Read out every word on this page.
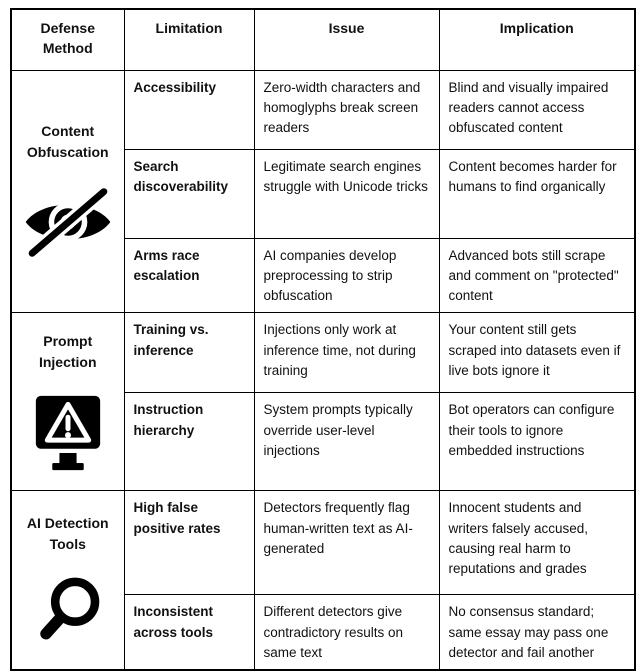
Defense Method	Limitation	Issue	Implication

Content Obfuscation	Accessibility	Zero-width characters and homoglyphs break screen readers	Blind and visually impaired readers cannot access obfuscated content
	Search discoverability	Legitimate search engines struggle with Unicode tricks	Content becomes harder for humans to find organically
	Arms race escalation	AI companies develop preprocessing to strip obfuscation	Advanced bots still scrape and comment on "protected" content

Prompt Injection	Training vs. inference	Injections only work at inference time, not during training	Your content still gets scraped into datasets even if live bots ignore it
	Instruction hierarchy	System prompts typically override user-level injections	Bot operators can configure their tools to ignore embedded instructions

AI Detection Tools	High false positive rates	Detectors frequently flag human-written text as AI-generated	Innocent students and writers falsely accused, causing real harm to reputations and grades
	Inconsistent across tools	Different detectors give contradictory results on same text	No consensus standard; same essay may pass one detector and fail another
